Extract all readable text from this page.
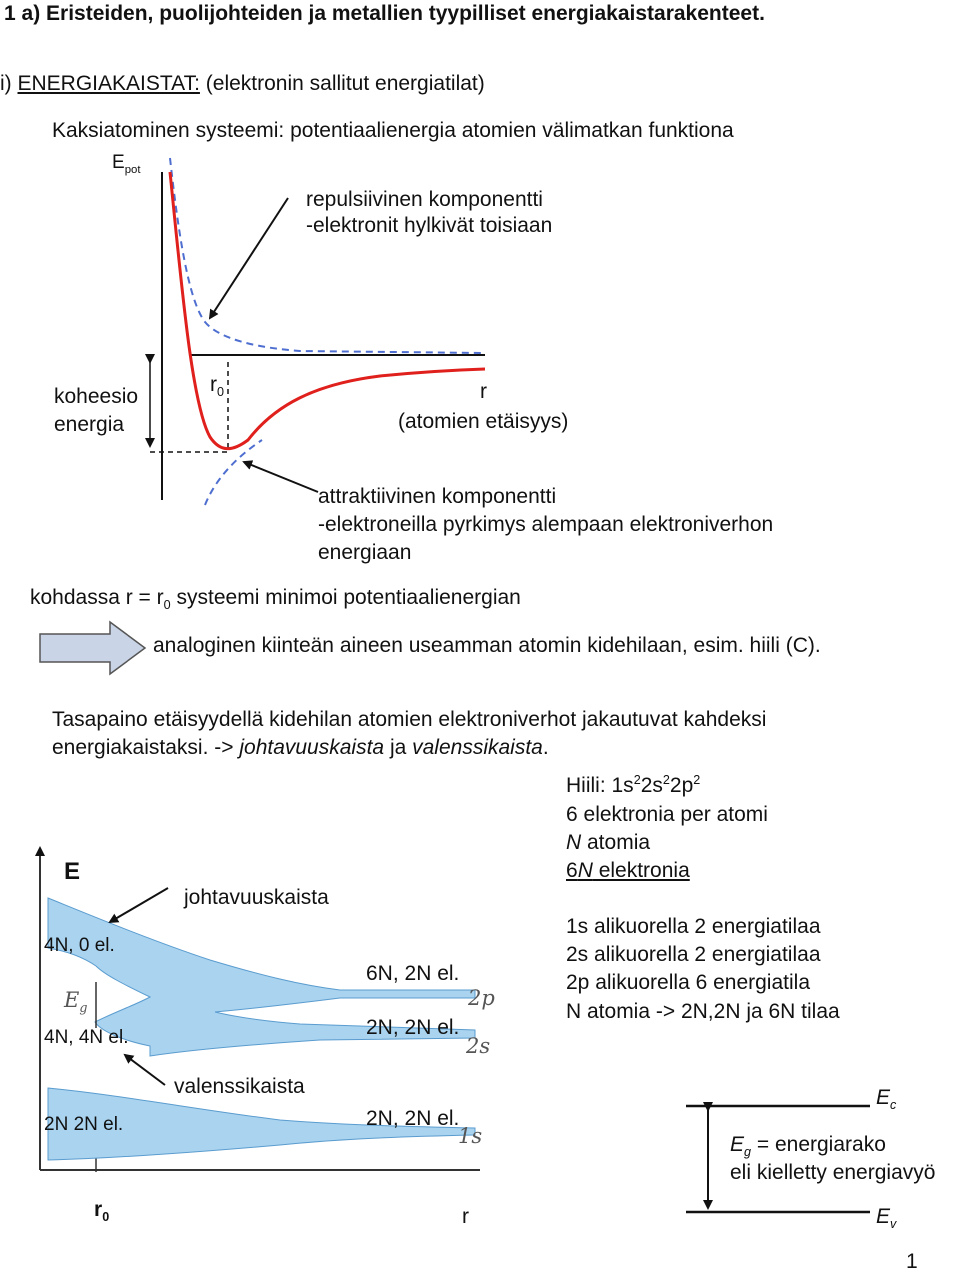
1 a) Eristeiden, puolijohteiden ja metallien tyypilliset energiakaistarakenteet.
i) ENERGIAKAISTAT: (elektronin sallitut energiatilat)
Kaksiatominen systeemi: potentiaalienergia atomien välimatkan funktiona
$E_{pot}$
repulsiivinen komponentti
-elektronit hylkivät toisiaan
koheesio
energia
$r_0$	r
(atomien etäisyys)
attraktiivinen komponentti
-elektroneilla pyrkimys alempaan elektroniverhon
energiaan
kohdassa $r = r_0$ systeemi minimoi potentiaalienergian
analoginen kiinteän aineen useamman atomin kidehilaan, esim. hiili (C).
Tasapaino etäisyydellä kidehilan atomien elektroniverhot jakautuvat kahdeksi
energiakaistaksi. -> johtavuuskaista ja valenssikaista.
Hiili: $1s^22s^22p^2$
6 elektronia per atomi
N atomia
6N elektronia
1s alikuorella 2 energiatilaa
2s alikuorella 2 energiatilaa
2p alikuorella 6 energiatila
N atomia -> 2N,2N ja 6N tilaa
E
johtavuuskaista
4N, 0 el.
$E_g$
4N, 4N el.
6N, 2N el.
2N, 2N el.
2p
2s
valenssikaista
2N 2N el.	2N, 2N el.
1s
$r_0$	r
$E_c$
$E_g$ = energiarako
eli kielletty energiavyö
$E_v$
1
